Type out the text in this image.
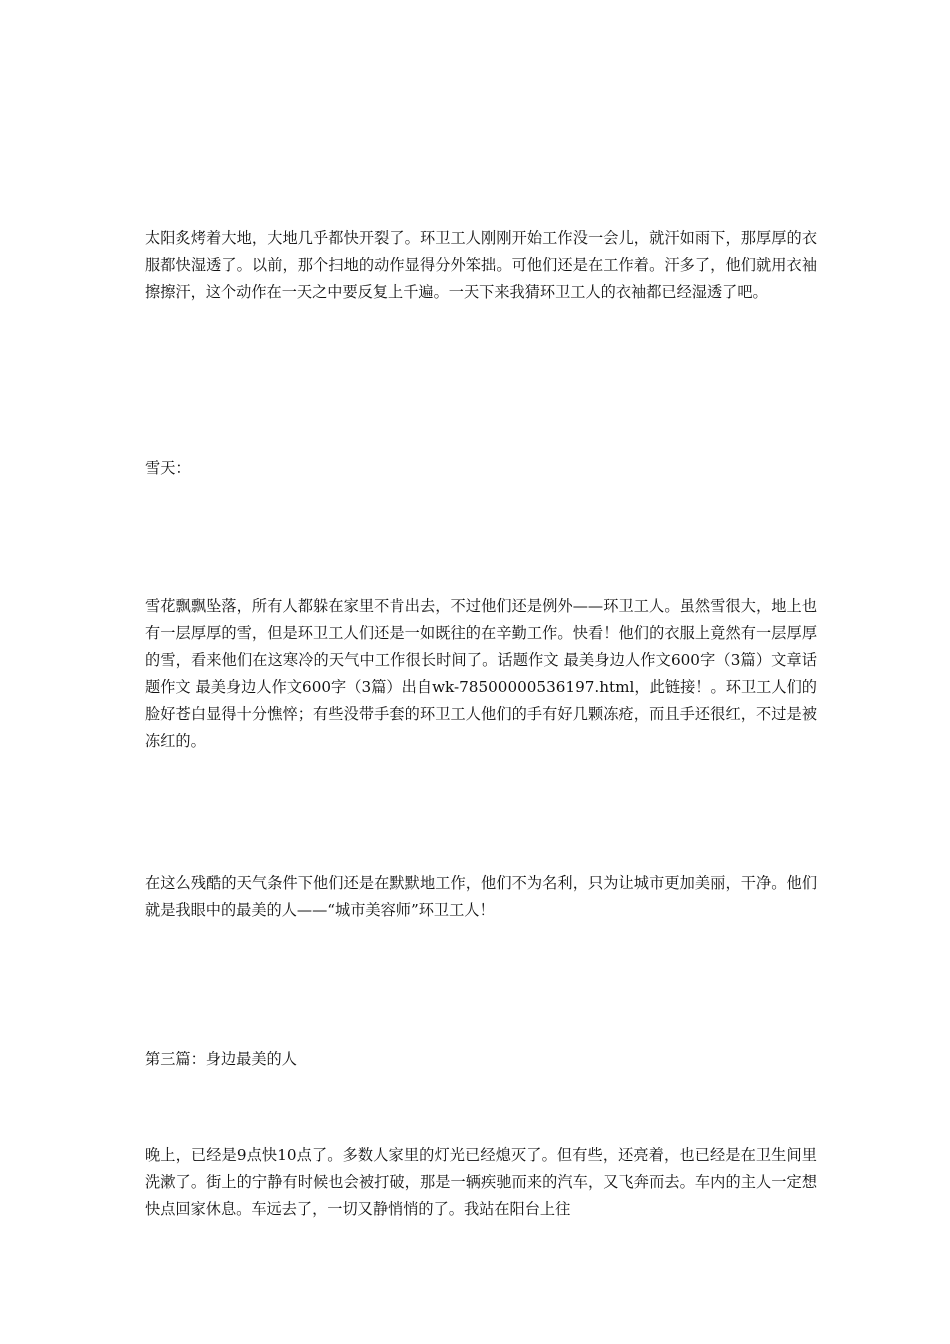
太阳炙烤着大地，大地几乎都快开裂了。环卫工人刚刚开始工作没一会儿，就汗如雨下，那厚厚的衣服都快湿透了。以前，那个扫地的动作显得分外笨拙。可他们还是在工作着。汗多了，他们就用衣袖擦擦汗，这个动作在一天之中要反复上千遍。一天下来我猜环卫工人的衣袖都已经湿透了吧。

雪天：

雪花飘飘坠落，所有人都躲在家里不肯出去，不过他们还是例外——环卫工人。虽然雪很大，地上也有一层厚厚的雪，但是环卫工人们还是一如既往的在辛勤工作。快看！他们的衣服上竟然有一层厚厚的雪，看来他们在这寒冷的天气中工作很长时间了。话题作文 最美身边人作文600字（3篇）文章话题作文 最美身边人作文600字（3篇）出自wk-78500000536197.html，此链接！。环卫工人们的脸好苍白显得十分憔悴；有些没带手套的环卫工人他们的手有好几颗冻疮，而且手还很红，不过是被冻红的。

在这么残酷的天气条件下他们还是在默默地工作，他们不为名利，只为让城市更加美丽，干净。他们就是我眼中的最美的人——“城市美容师”环卫工人！

第三篇：身边最美的人

晚上，已经是9点快10点了。多数人家里的灯光已经熄灭了。但有些，还亮着，也已经是在卫生间里洗漱了。街上的宁静有时候也会被打破，那是一辆疾驰而来的汽车，又飞奔而去。车内的主人一定想快点回家休息。车远去了，一切又静悄悄的了。我站在阳台上往
